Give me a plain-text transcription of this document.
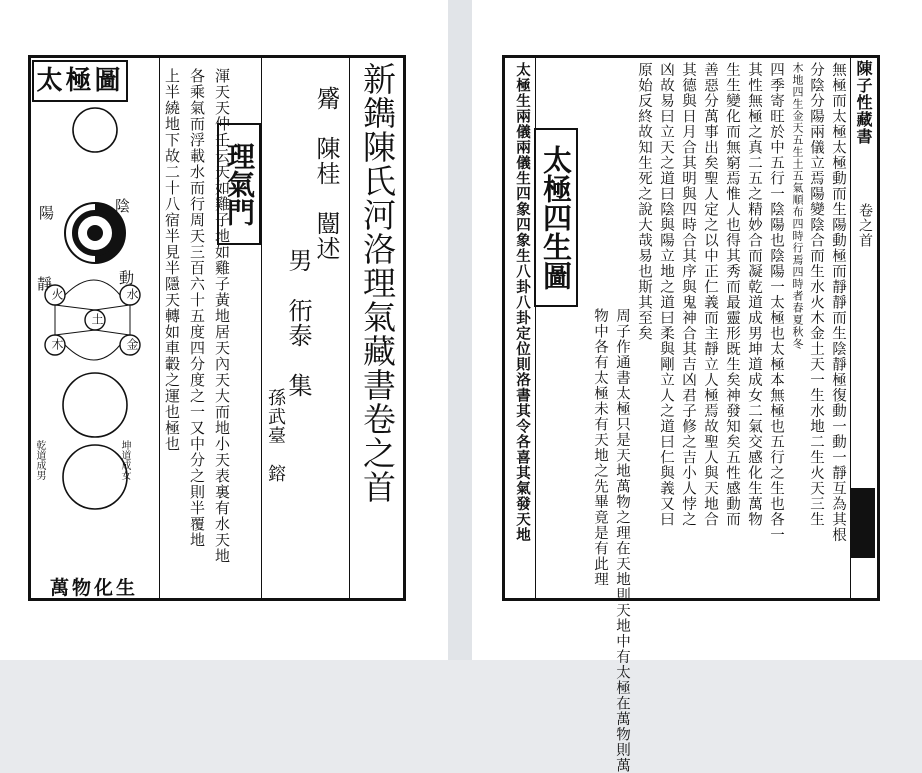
新鐫陳氏河洛理氣藏書卷之首
觱　陳桂　闓述
男　衎泰　集
孫武臺　鎔
理氣門
渾天天仲壬云天如雞子地如雞子黃地居天內天大而地小天表裏有水天地
各乘氣而浮載水而行周天三百六十五度四分度之一又中分之則半覆地
上半繞地下故二十八宿半見半隱天轉如車轂之運也極也
萬物化生
太極圖
陽	陰
動
靜
火	水
土
木	金
乾道成男	坤道成女
陳子性藏書
卷之首
無極而太極太極動而生陽動極而靜靜而生陰靜極復動一動一靜互為其根
分陰分陽兩儀立焉陽變陰合而生水火木金土天一生水地二生火天三生
木地四生金天五生土五氣順布四時行焉四時者春夏秋冬
四季寄旺於中五行一陰陽也陰陽一太極也太極本無極也五行之生也各一
其性無極之真二五之精妙合而凝乾道成男坤道成女二氣交感化生萬物
生生變化而無窮焉惟人也得其秀而最靈形既生矣神發知矣五性感動而
善惡分萬事出矣聖人定之以中正仁義而主靜立人極焉故聖人與天地合
其德與日月合其明與四時合其序與鬼神合其吉凶君子修之吉小人悖之
凶故易曰立天之道曰陰與陽立地之道曰柔與剛立人之道曰仁與義又曰
原始反終故知生死之說大哉易也斯其至矣
周子作通書太極只是天地萬物之理在天地則天地中有太極在萬物則萬
物中各有太極未有天地之先畢竟是有此理
太極生兩儀兩儀生四象四象生八卦八卦定位則洛書其令各喜其氣發天地 太極四生圖
